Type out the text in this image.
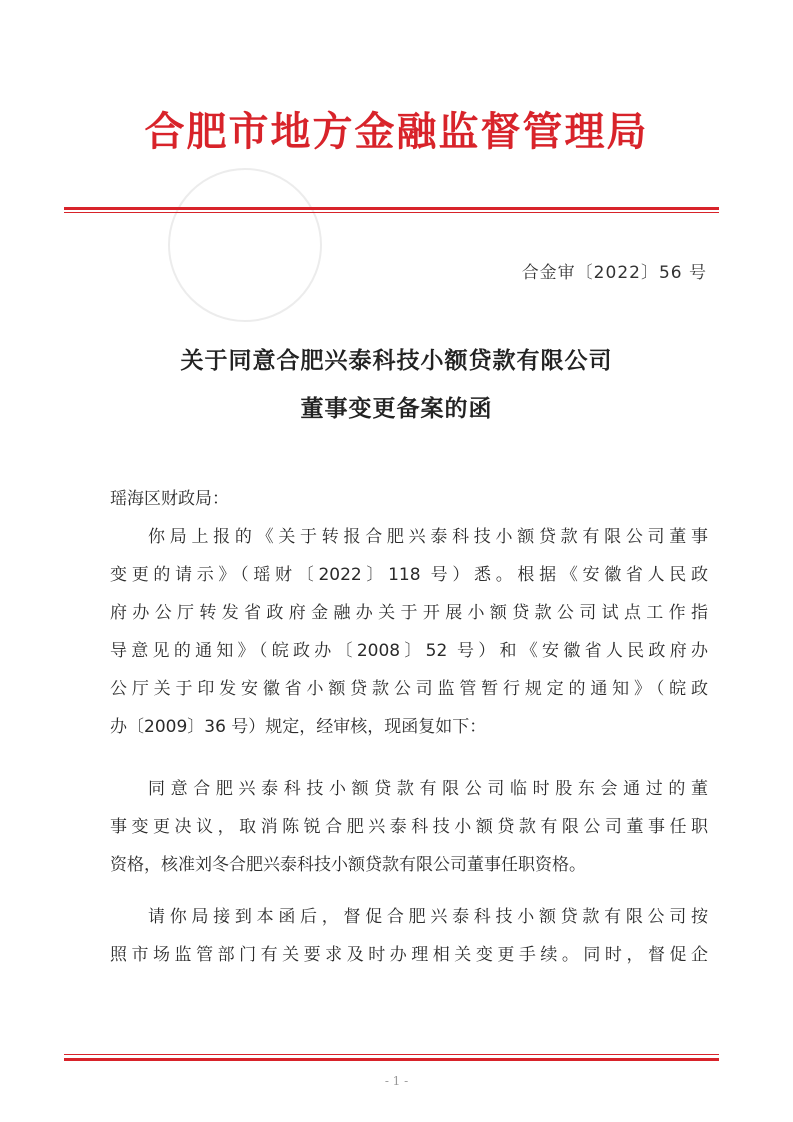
合肥市地方金融监督管理局
合金审〔2022〕56 号
关于同意合肥兴泰科技小额贷款有限公司
董事变更备案的函
瑶海区财政局：
你局上报的《关于转报合肥兴泰科技小额贷款有限公司董事
变更的请示》（瑶财〔2022〕118 号）悉。根据《安徽省人民政
府办公厅转发省政府金融办关于开展小额贷款公司试点工作指
导意见的通知》（皖政办〔2008〕52 号）和《安徽省人民政府办
公厅关于印发安徽省小额贷款公司监管暂行规定的通知》（皖政
办〔2009〕36 号）规定，经审核，现函复如下：
同意合肥兴泰科技小额贷款有限公司临时股东会通过的董
事变更决议，取消陈锐合肥兴泰科技小额贷款有限公司董事任职
资格，核准刘冬合肥兴泰科技小额贷款有限公司董事任职资格。
请你局接到本函后，督促合肥兴泰科技小额贷款有限公司按
照市场监管部门有关要求及时办理相关变更手续。同时，督促企
- 1 -
